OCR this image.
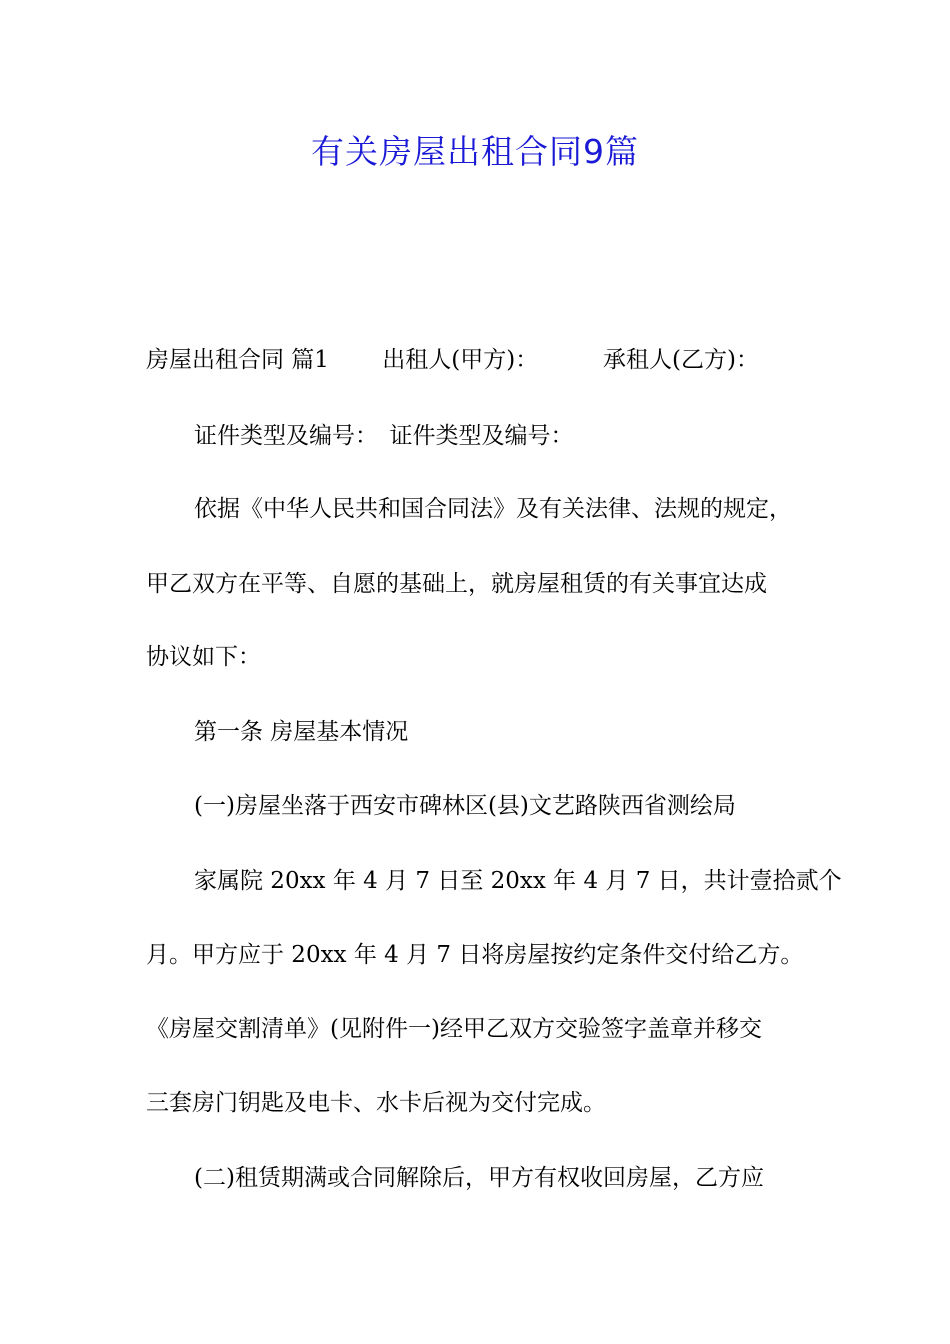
有关房屋出租合同9篇
房屋出租合同 篇1　　 出租人(甲方)：　　　 承租人(乙方)：
证件类型及编号：　证件类型及编号：
依据《中华人民共和国合同法》及有关法律、法规的规定，
甲乙双方在平等、自愿的基础上，就房屋租赁的有关事宜达成
协议如下：
第一条 房屋基本情况
(一)房屋坐落于西安市碑林区(县)文艺路陕西省测绘局
家属院 20xx 年 4 月 7 日至 20xx 年 4 月 7 日，共计壹拾贰个
月。甲方应于 20xx 年 4 月 7 日将房屋按约定条件交付给乙方。
《房屋交割清单》(见附件一)经甲乙双方交验签字盖章并移交
三套房门钥匙及电卡、水卡后视为交付完成。
(二)租赁期满或合同解除后，甲方有权收回房屋，乙方应
